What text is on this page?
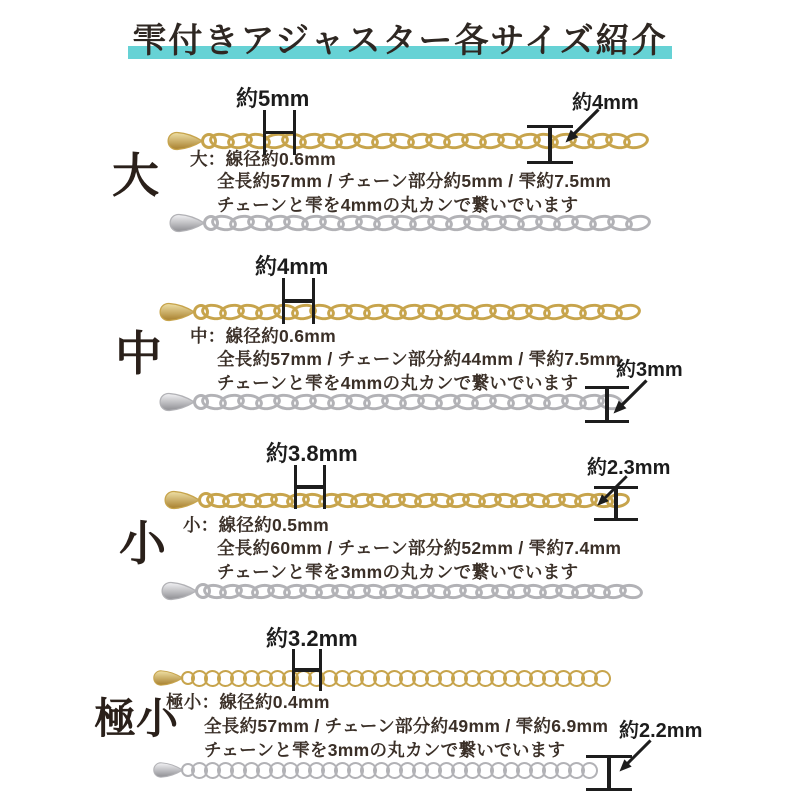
雫付きアジャスター各サイズ紹介
約5mm	約4mm
大：線径約0.6mm
大	全長約57mm / チェーン部分約5mm / 雫約7.5mm
チェーンと雫を4mmの丸カンで繋いでいます
約4mm
中：線径約0.6mm
中	全長約57mm / チェーン部分約44mm / 雫約7.5mm
約3mm
チェーンと雫を4mmの丸カンで繋いでいます
約3.8mm
約2.3mm
小：線径約0.5mm
小	全長約60mm / チェーン部分約52mm / 雫約7.4mm
チェーンと雫を3mmの丸カンで繋いでいます
約3.2mm
極小：線径約0.4mm
極小 全長約57mm / チェーン部分約49mm / 雫約6.9mm 約2.2mm
チェーンと雫を3mmの丸カンで繋いでいます
